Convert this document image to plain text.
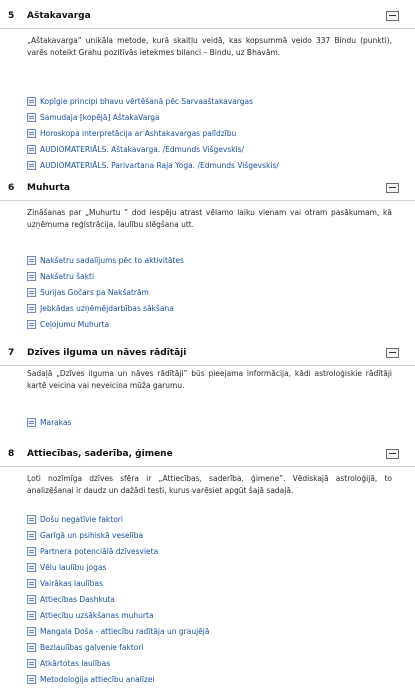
5 Aštakavarga
„Aštakavarga” unikāla metode, kurā skaitļu veidā, kas kopsummā veido 337 Bindu (punkti), varēs noteikt Grahu pozitīvās ietekmes bilanci – Bindu, uz Bhavām.
Kopīgie principi bhavu vērtēšanā pēc Sarvaaštakavargas
Samudaja [kopējā] AštakaVarga
Horoskopa interpretācija ar Ashtakavargas palīdzību
AUDIOMATERIĀLS. Aštakavarga. /Edmunds Višgevskis/
AUDIOMATERIĀLS. Parivartana Raja Yoga. /Edmunds Višgevskis/
6 Muhurta
Zināšanas par „Muhurtu ” dod iespēju atrast vēlamo laiku vienam vai otram pasākumam, kā uzņēmuma reģistrācija, laulību slēgšana utt.
Nakšatru sadalījums pēc to aktivitātes
Nakšatru šakti
Surijas Gočars pa Nakšatrām
Jebkādas uzņēmējdarbības sākšana
Ceļojumu Muhurta
7 Dzīves ilguma un nāves rādītāji
Sadaļā „Dzīves ilguma un nāves rādītāji” būs pieejama informācija, kādi astroloģiskie rādītāji kartē veicina vai neveicina mūža garumu.
Marakas
8 Attiecības, saderība, ģimene
Ļoti nozīmīga dzīves sfēra ir „Attiecības, saderība, ģimene”. Vēdiskajā astroloģijā, to analizēšanai ir daudz un dažādi testi, kurus varēsiet apgūt šajā sadaļā.
Došu negatīvie faktori
Garīgā un psihiskā veselība
Partnera potenciālā dzīvesvieta
Vēlu laulību jogas
Vairākas laulības
Attiecības Dashkuta
Attiecību uzsākšanas muhurta
Mangala Doša - attiecību radītāja un graujējā
Bezlaulības galvenie faktori
Atkārtotas laulības
Metodoloģija attiecību analīzei
